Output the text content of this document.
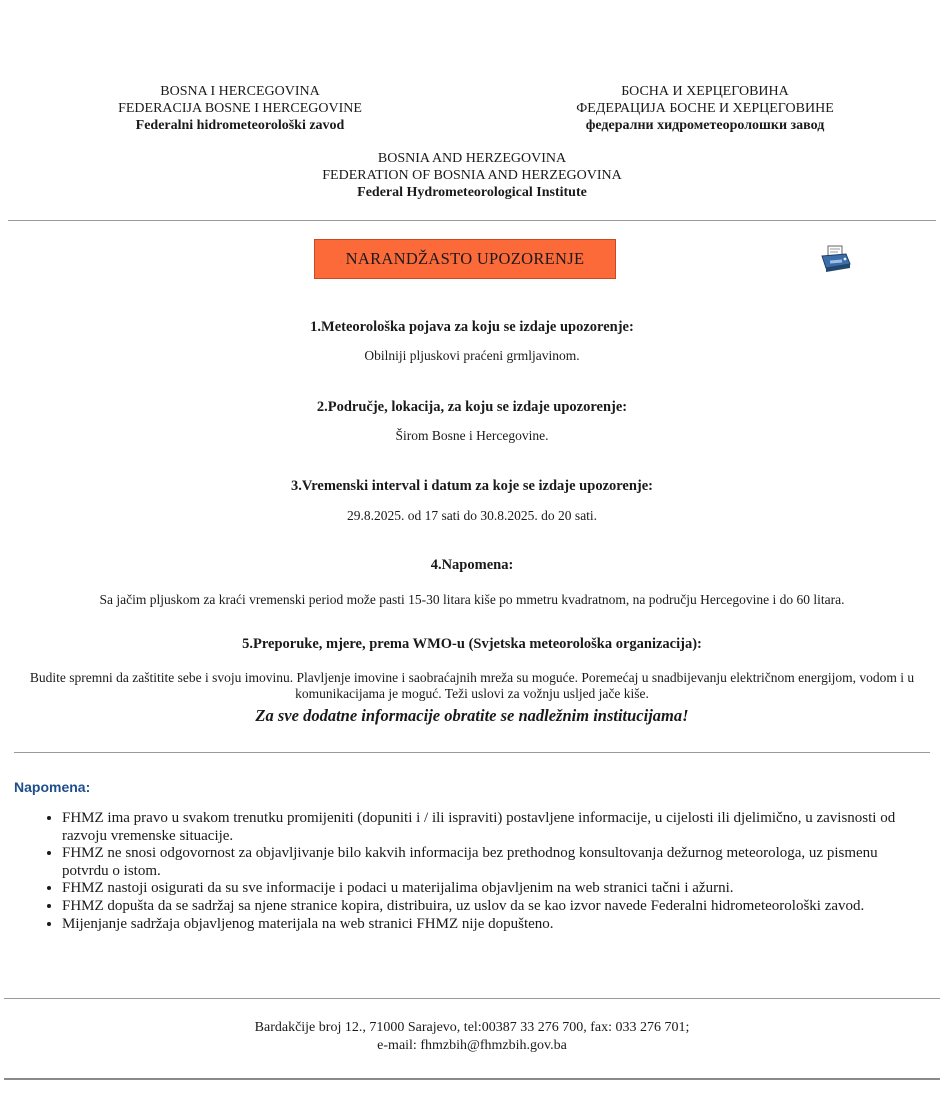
BOSNA I HERCEGOVINA
FEDERACIJA BOSNE I HERCEGOVINE
Federalni hidrometeorološki zavod
БОСНА И ХЕРЦЕГОВИНА
ФЕДЕРАЦИЈА БОСНЕ И ХЕРЦЕГОВИНЕ
федерални хидрометеоролошки завод
BOSNIA AND HERZEGOVINA
FEDERATION OF BOSNIA AND HERZEGOVINA
Federal Hydrometeorological Institute
NARANDŽASTO UPOZORENJE
1.Meteorološka pojava za koju se izdaje upozorenje:
Obilniji pljuskovi praćeni grmljavinom.
2.Područje, lokacija, za koju se izdaje upozorenje:
Širom Bosne i Hercegovine.
3.Vremenski interval i datum za koje se izdaje upozorenje:
29.8.2025. od 17 sati do 30.8.2025. do 20 sati.
4.Napomena:
Sa jačim pljuskom za kraći vremenski period može pasti 15-30 litara kiše po mmetru kvadratnom, na području Hercegovine i do 60 litara.
5.Preporuke, mjere, prema WMO-u (Svjetska meteorološka organizacija):
Budite spremni da zaštitite sebe i svoju imovinu. Plavljenje imovine i saobraćajnih mreža su moguće. Poremećaj u snadbijevanju električnom energijom, vodom i u komunikacijama je moguć. Teži uslovi za vožnju usljed jače kiše.
Za sve dodatne informacije obratite se nadležnim institucijama!
Napomena:
• FHMZ ima pravo u svakom trenutku promijeniti (dopuniti i / ili ispraviti) postavljene informacije, u cijelosti ili djelimično, u zavisnosti od razvoju vremenske situacije.
• FHMZ ne snosi odgovornost za objavljivanje bilo kakvih informacija bez prethodnog konsultovanja dežurnog meteorologa, uz pismenu potvrdu o istom.
• FHMZ nastoji osigurati da su sve informacije i podaci u materijalima objavljenim na web stranici tačni i ažurni.
• FHMZ dopušta da se sadržaj sa njene stranice kopira, distribuira, uz uslov da se kao izvor navede Federalni hidrometeorološki zavod.
• Mijenjanje sadržaja objavljenog materijala na web stranici FHMZ nije dopušteno.
Bardakčije broj 12., 71000 Sarajevo, tel:00387 33 276 700, fax: 033 276 701;
e-mail: fhmzbih@fhmzbih.gov.ba
